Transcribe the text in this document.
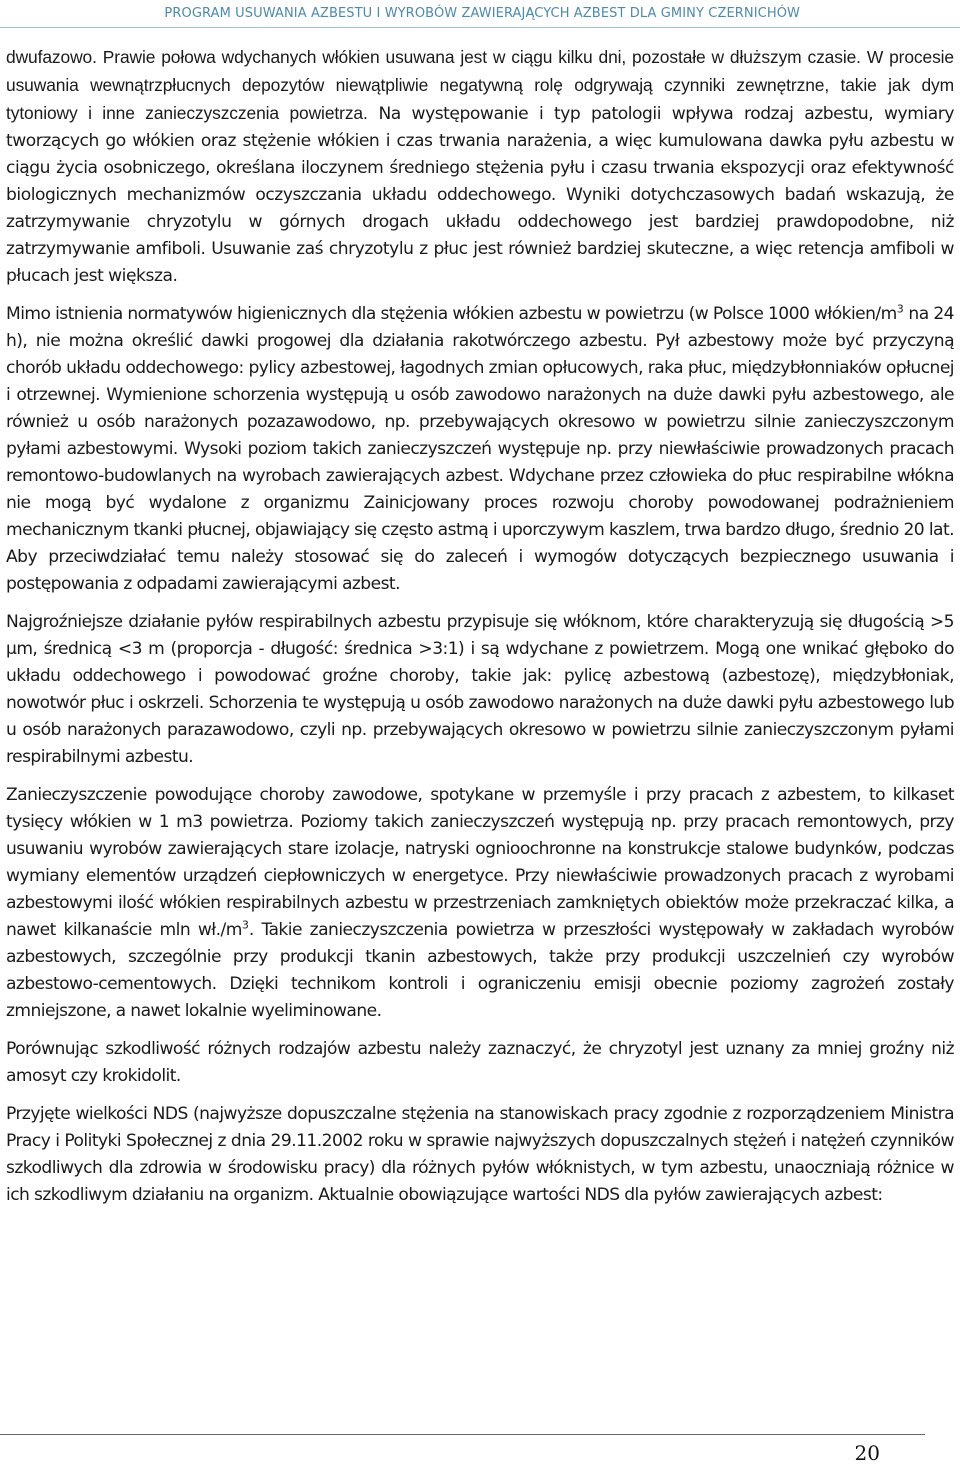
PROGRAM USUWANIA AZBESTU I WYROBÓW ZAWIERAJĄCYCH AZBEST DLA GMINY CZERNICHÓW

dwufazowo. Prawie połowa wdychanych włókien usuwana jest w ciągu kilku dni, pozostałe w dłuższym czasie. W procesie usuwania wewnątrzpłucnych depozytów niewątpliwie negatywną rolę odgrywają czynniki zewnętrzne, takie jak dym tytoniowy i inne zanieczyszczenia powietrza. Na występowanie i typ patologii wpływa rodzaj azbestu, wymiary tworzących go włókien oraz stężenie włókien i czas trwania narażenia, a więc kumulowana dawka pyłu azbestu w ciągu życia osobniczego, określana iloczynem średniego stężenia pyłu i czasu trwania ekspozycji oraz efektywność biologicznych mechanizmów oczyszczania układu oddechowego. Wyniki dotychczasowych badań wskazują, że zatrzymywanie chryzotylu w górnych drogach układu oddechowego jest bardziej prawdopodobne, niż zatrzymywanie amfiboli. Usuwanie zaś chryzotylu z płuc jest również bardziej skuteczne, a więc retencja amfiboli w płucach jest większa.

Mimo istnienia normatywów higienicznych dla stężenia włókien azbestu w powietrzu (w Polsce 1000 włókien/$m^3$ na 24 h), nie można określić dawki progowej dla działania rakotwórczego azbestu. Pył azbestowy może być przyczyną chorób układu oddechowego: pylicy azbestowej, łagodnych zmian opłucowych, raka płuc, międzybłonniaków opłucnej i otrzewnej. Wymienione schorzenia występują u osób zawodowo narażonych na duże dawki pyłu azbestowego, ale również u osób narażonych pozazawodowo, np. przebywających okresowo w powietrzu silnie zanieczyszczonym pyłami azbestowymi. Wysoki poziom takich zanieczyszczeń występuje np. przy niewłaściwie prowadzonych pracach remontowo-budowlanych na wyrobach zawierających azbest. Wdychane przez człowieka do płuc respirabilne włókna nie mogą być wydalone z organizmu Zainicjowany proces rozwoju choroby powodowanej podrażnieniem mechanicznym tkanki płucnej, objawiający się często astmą i uporczywym kaszlem, trwa bardzo długo, średnio 20 lat. Aby przeciwdziałać temu należy stosować się do zaleceń i wymogów dotyczących bezpiecznego usuwania i postępowania z odpadami zawierającymi azbest.

Najgroźniejsze działanie pyłów respirabilnych azbestu przypisuje się włóknom, które charakteryzują się długością >5 µm, średnicą <3 m (proporcja - długość: średnica >3:1) i są wdychane z powietrzem. Mogą one wnikać głęboko do układu oddechowego i powodować groźne choroby, takie jak: pylicę azbestową (azbestozę), międzybłoniak, nowotwór płuc i oskrzeli. Schorzenia te występują u osób zawodowo narażonych na duże dawki pyłu azbestowego lub u osób narażonych parazawodowo, czyli np. przebywających okresowo w powietrzu silnie zanieczyszczonym pyłami respirabilnymi azbestu.

Zanieczyszczenie powodujące choroby zawodowe, spotykane w przemyśle i przy pracach z azbestem, to kilkaset tysięcy włókien w 1 m3 powietrza. Poziomy takich zanieczyszczeń występują np. przy pracach remontowych, przy usuwaniu wyrobów zawierających stare izolacje, natryski ognioochronne na konstrukcje stalowe budynków, podczas wymiany elementów urządzeń ciepłowniczych w energetyce. Przy niewłaściwie prowadzonych pracach z wyrobami azbestowymi ilość włókien respirabilnych azbestu w przestrzeniach zamkniętych obiektów może przekraczać kilka, a nawet kilkanaście mln $wł./m^3$. Takie zanieczyszczenia powietrza w przeszłości występowały w zakładach wyrobów azbestowych, szczególnie przy produkcji tkanin azbestowych, także przy produkcji uszczelnień czy wyrobów azbestowo-cementowych. Dzięki technikom kontroli i ograniczeniu emisji obecnie poziomy zagrożeń zostały zmniejszone, a nawet lokalnie wyeliminowane.

Porównując szkodliwość różnych rodzajów azbestu należy zaznaczyć, że chryzotyl jest uznany za mniej groźny niż amosyt czy krokidolit.

Przyjęte wielkości NDS (najwyższe dopuszczalne stężenia na stanowiskach pracy zgodnie z rozporządzeniem Ministra Pracy i Polityki Społecznej z dnia 29.11.2002 roku w sprawie najwyższych dopuszczalnych stężeń i natężeń czynników szkodliwych dla zdrowia w środowisku pracy) dla różnych pyłów włóknistych, w tym azbestu, unaoczniają różnice w ich szkodliwym działaniu na organizm. Aktualnie obowiązujące wartości NDS dla pyłów zawierających azbest:

20
